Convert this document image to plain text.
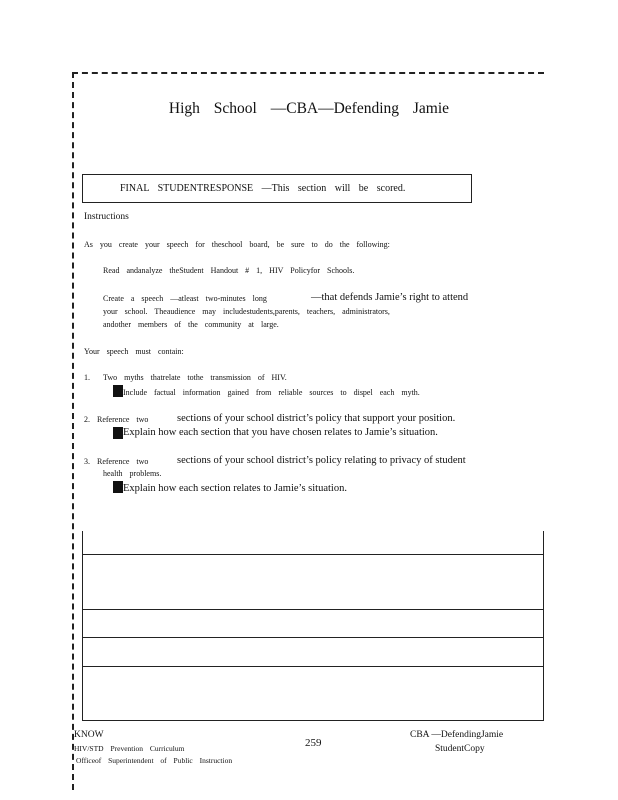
High School —CBA—Defending Jamie
FINAL STUDENTRESPONSE —This section will be scored.
Instructions
As you create your speech for theschool board, be sure to do the following:
Read andanalyze theStudent Handout # 1, HIV Policyfor Schools.
Create a speech —atleast two-minutes long	—that defends Jamie’s right to attend
your school. Theaudience may includestudents,parents, teachers, administrators,
andother members of the community at large.
Your speech must contain:
1. Two myths thatrelate tothe transmission of HIV.
Include factual information gained from reliable sources to dispel each myth.
2. Reference two	sections of your school district’s policy that support your position.
Explain how each section that you have chosen relates to Jamie’s situation.
3. Reference two	sections of your school district’s policy relating to privacy of student
health problems.
Explain how each section relates to Jamie’s situation.
KNOW
HIV/STD Prevention Curriculum
Officeof Superintendent of Public Instruction
259
CBA —DefendingJamie
StudentCopy
